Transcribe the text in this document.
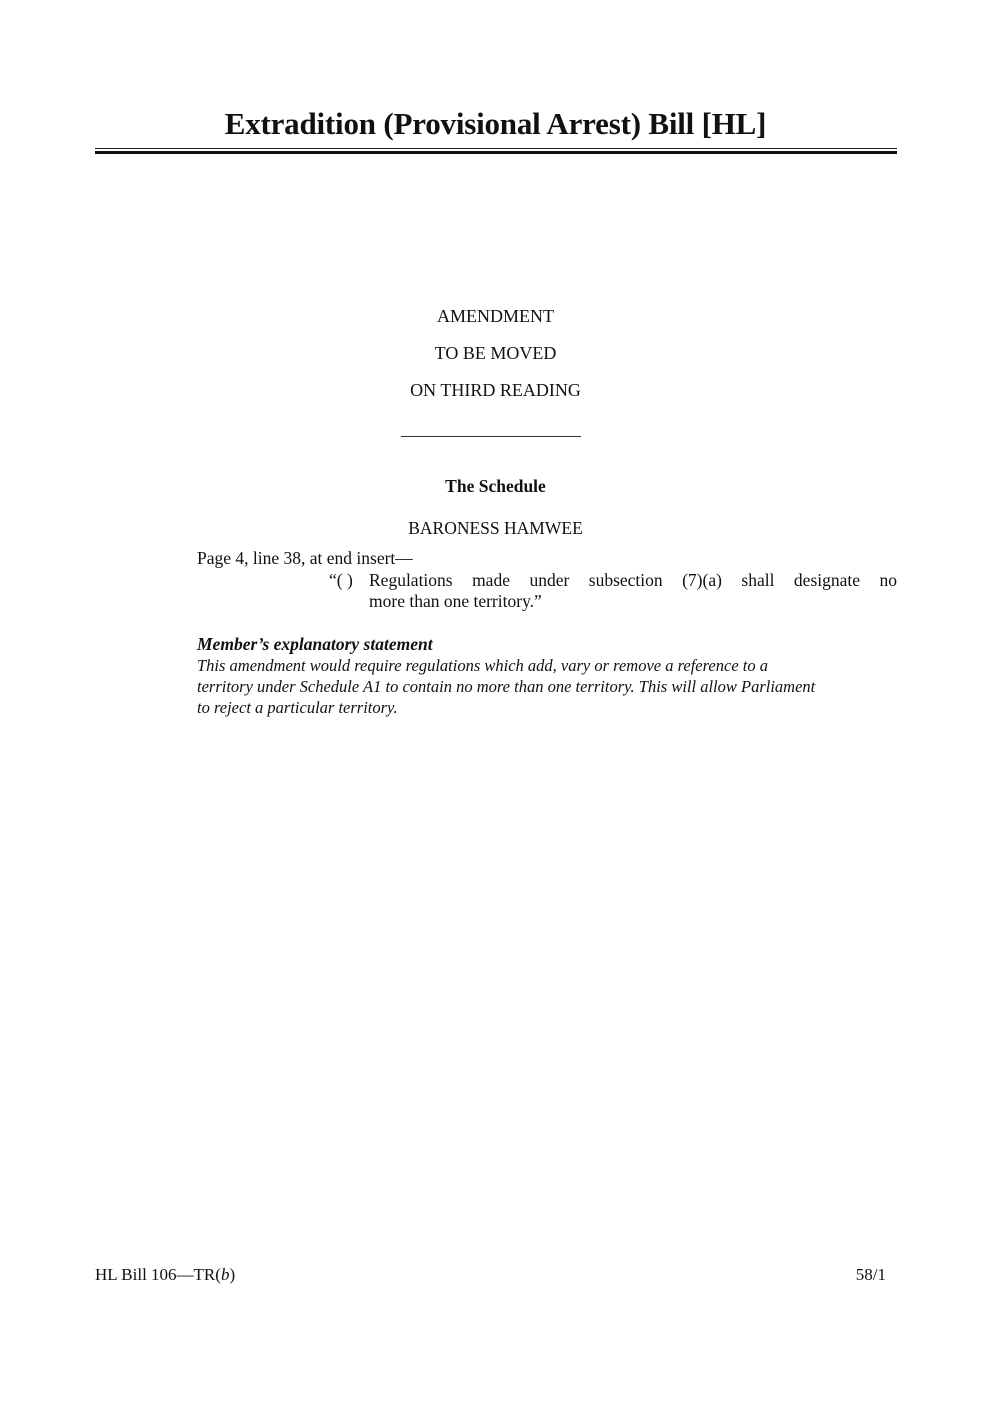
Extradition (Provisional Arrest) Bill [HL]
AMENDMENT
TO BE MOVED
ON THIRD READING
The Schedule
BARONESS HAMWEE
Page 4, line 38, at end insert—
“( ) Regulations made under subsection (7)(a) shall designate no
more than one territory.”
Member’s explanatory statement
This amendment would require regulations which add, vary or remove a reference to a
territory under Schedule A1 to contain no more than one territory. This will allow Parliament
to reject a particular territory.
HL Bill 106—TR(b)	58/1
